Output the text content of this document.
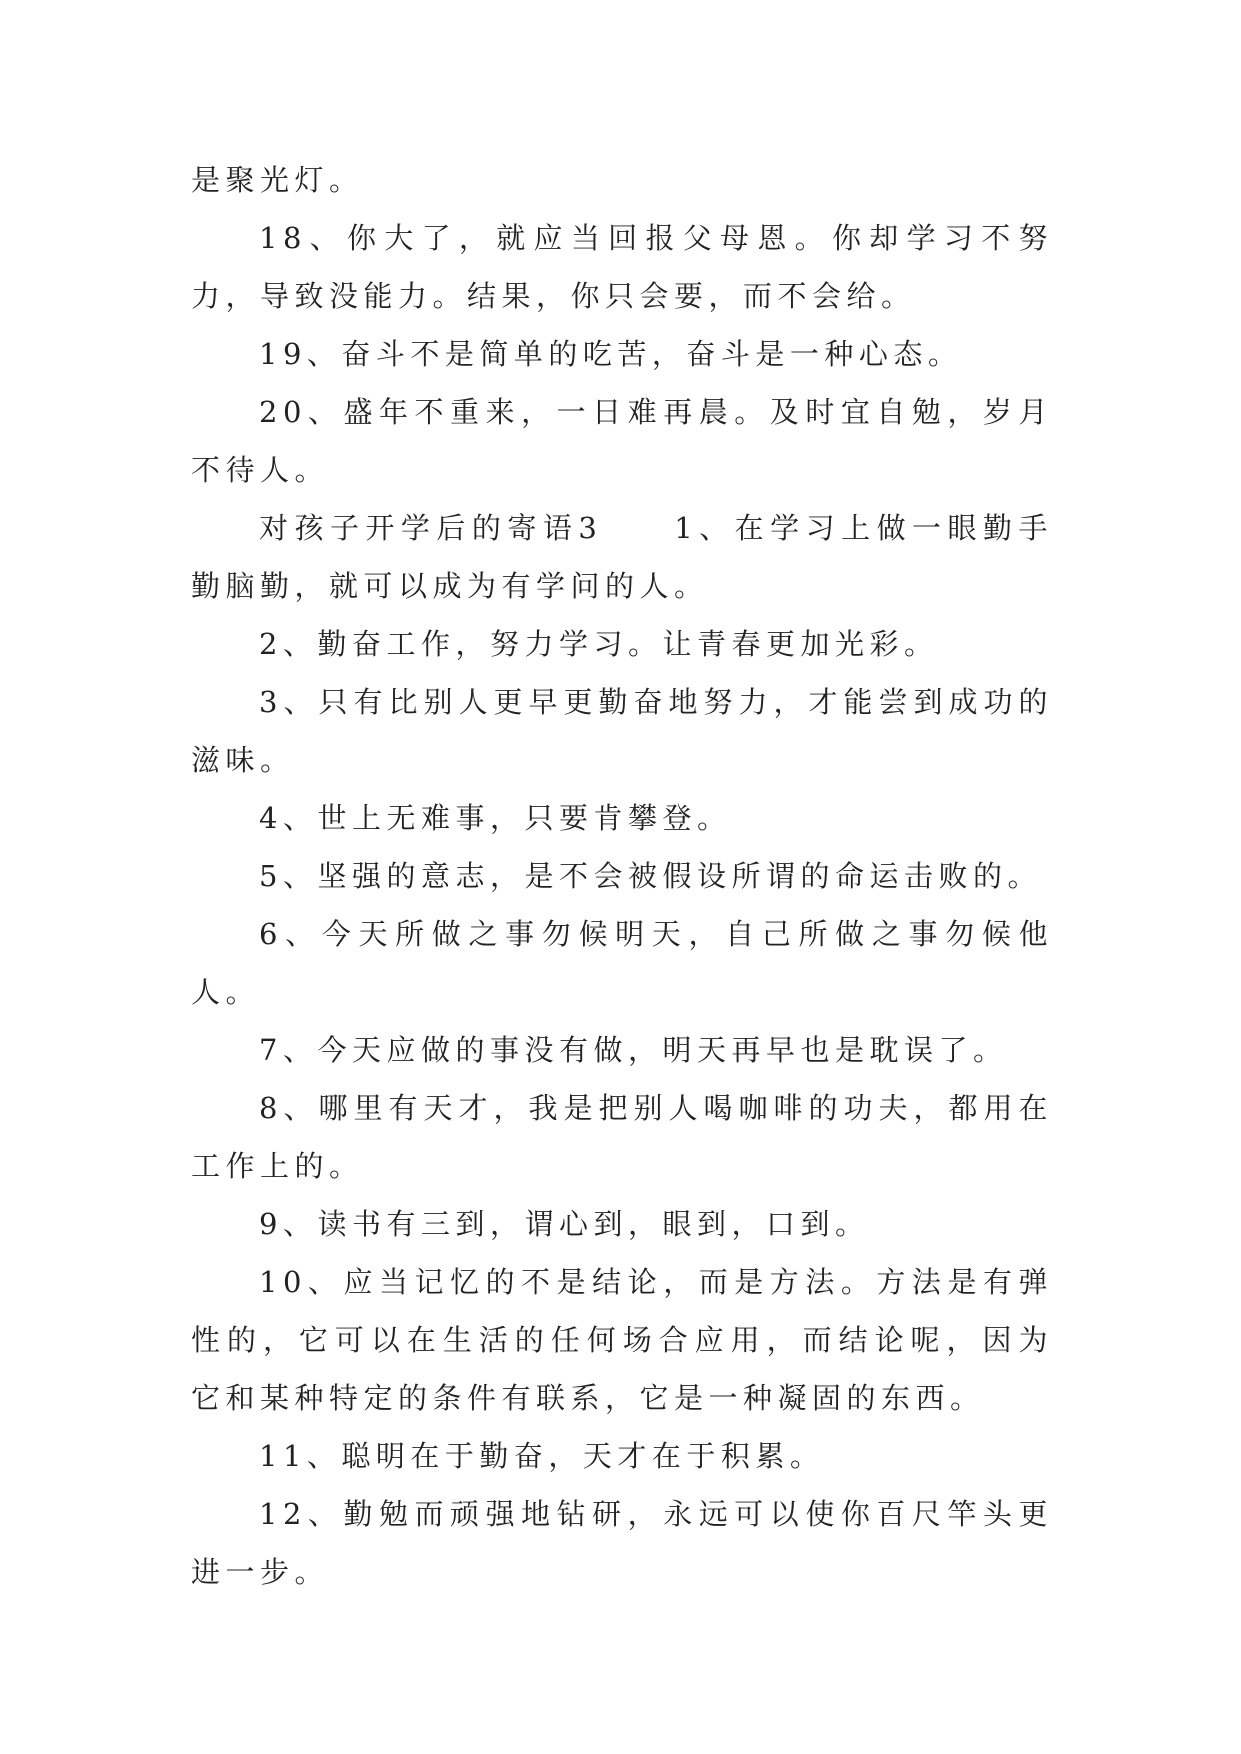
是聚光灯。

18、你大了，就应当回报父母恩。你却学习不努力，导致没能力。结果，你只会要，而不会给。

19、奋斗不是简单的吃苦，奋斗是一种心态。

20、盛年不重来，一日难再晨。及时宜自勉，岁月不待人。

对孩子开学后的寄语3　　1、在学习上做一眼勤手勤脑勤，就可以成为有学问的人。

2、勤奋工作，努力学习。让青春更加光彩。

3、只有比别人更早更勤奋地努力，才能尝到成功的滋味。

4、世上无难事，只要肯攀登。

5、坚强的意志，是不会被假设所谓的命运击败的。

6、今天所做之事勿候明天，自己所做之事勿候他人。

7、今天应做的事没有做，明天再早也是耽误了。

8、哪里有天才，我是把别人喝咖啡的功夫，都用在工作上的。

9、读书有三到，谓心到，眼到，口到。

10、应当记忆的不是结论，而是方法。方法是有弹性的，它可以在生活的任何场合应用，而结论呢，因为它和某种特定的条件有联系，它是一种凝固的东西。

11、聪明在于勤奋，天才在于积累。

12、勤勉而顽强地钻研，永远可以使你百尺竿头更进一步。
